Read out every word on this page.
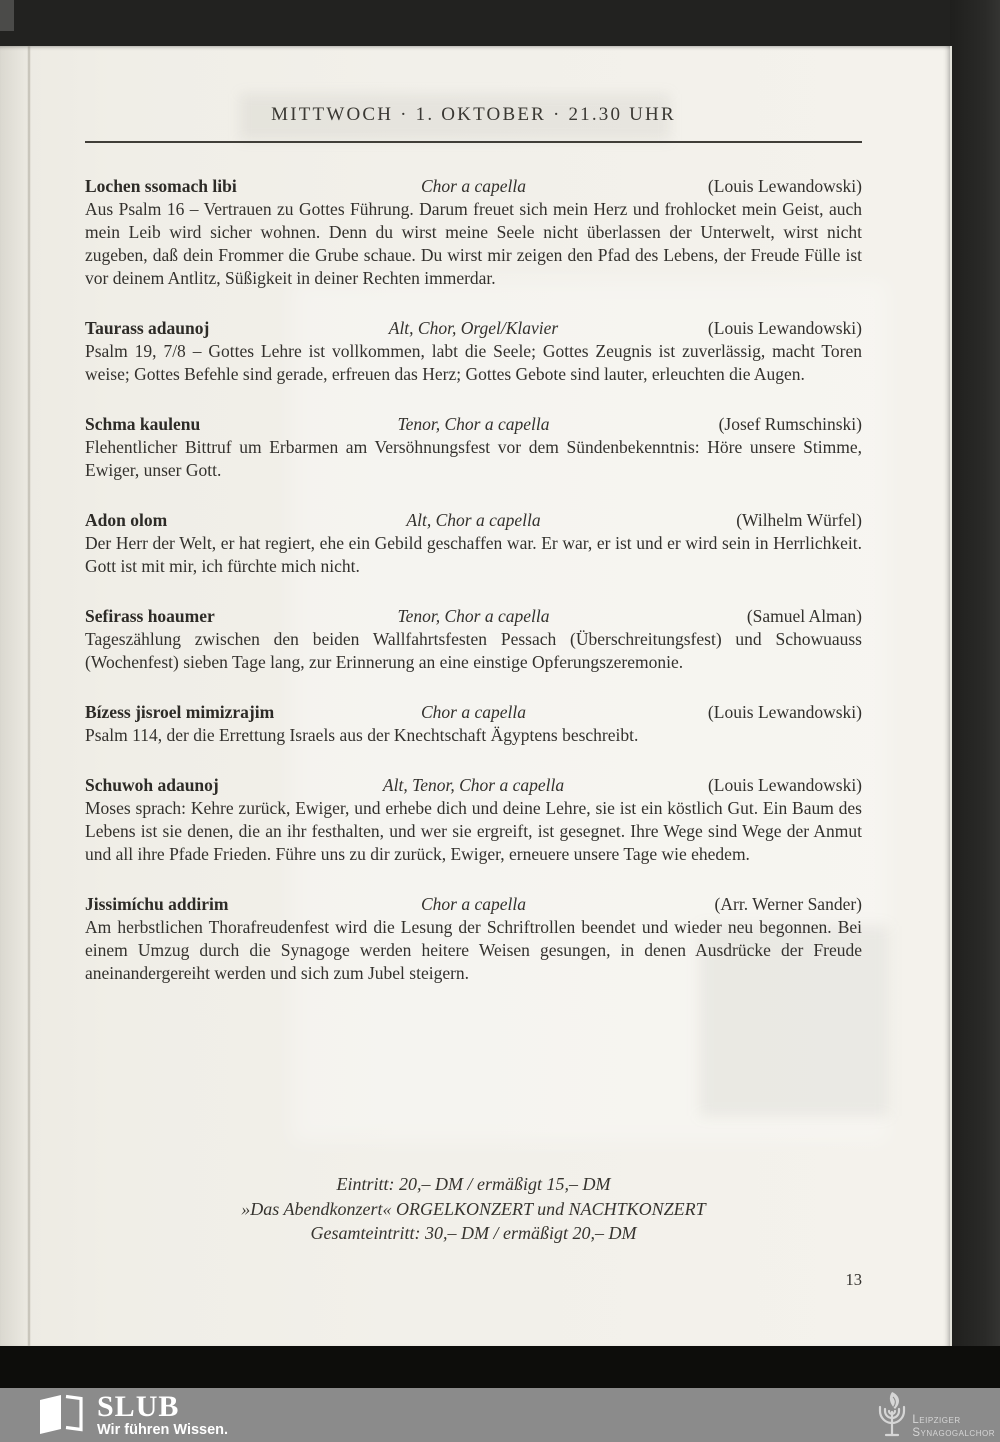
MITTWOCH · 1. OKTOBER · 21.30 UHR
Lochen ssomach libi	Chor a capella	(Louis Lewandowski)

Aus Psalm 16 – Vertrauen zu Gottes Führung. Darum freuet sich mein Herz und frohlocket mein Geist, auch mein Leib wird sicher wohnen. Denn du wirst meine Seele nicht überlassen der Unterwelt, wirst nicht zugeben, daß dein Frommer die Grube schaue. Du wirst mir zeigen den Pfad des Lebens, der Freude Fülle ist vor deinem Antlitz, Süßigkeit in deiner Rechten immerdar.

Taurass adaunoj	Alt, Chor, Orgel/Klavier	(Louis Lewandowski)

Psalm 19, 7/8 – Gottes Lehre ist vollkommen, labt die Seele; Gottes Zeugnis ist zuverlässig, macht Toren weise; Gottes Befehle sind gerade, erfreuen das Herz; Gottes Gebote sind lauter, erleuchten die Augen.

Schma kaulenu	Tenor, Chor a capella	(Josef Rumschinski)

Flehentlicher Bittruf um Erbarmen am Versöhnungsfest vor dem Sündenbekenntnis: Höre unsere Stimme, Ewiger, unser Gott.

Adon olom	Alt, Chor a capella	(Wilhelm Würfel)

Der Herr der Welt, er hat regiert, ehe ein Gebild geschaffen war. Er war, er ist und er wird sein in Herrlichkeit. Gott ist mit mir, ich fürchte mich nicht.

Sefirass hoaumer	Tenor, Chor a capella	(Samuel Alman)

Tageszählung zwischen den beiden Wallfahrtsfesten Pessach (Überschreitungsfest) und Schowuauss (Wochenfest) sieben Tage lang, zur Erinnerung an eine einstige Opferungszeremonie.

Bízess jisroel mimizrajim	Chor a capella	(Louis Lewandowski)

Psalm 114, der die Errettung Israels aus der Knechtschaft Ägyptens beschreibt.

Schuwoh adaunoj	Alt, Tenor, Chor a capella	(Louis Lewandowski)

Moses sprach: Kehre zurück, Ewiger, und erhebe dich und deine Lehre, sie ist ein köstlich Gut. Ein Baum des Lebens ist sie denen, die an ihr festhalten, und wer sie ergreift, ist gesegnet. Ihre Wege sind Wege der Anmut und all ihre Pfade Frieden. Führe uns zu dir zurück, Ewiger, erneuere unsere Tage wie ehedem.

Jissimíchu addirim	Chor a capella	(Arr. Werner Sander)

Am herbstlichen Thorafreudenfest wird die Lesung der Schriftrollen beendet und wieder neu begonnen. Bei einem Umzug durch die Synagoge werden heitere Weisen gesungen, in denen Ausdrücke der Freude aneinandergereiht werden und sich zum Jubel steigern.

Eintritt: 20,– DM / ermäßigt 15,– DM
»Das Abendkonzert« ORGELKONZERT und NACHTKONZERT
Gesamteintritt: 30,– DM / ermäßigt 20,– DM
13
SLUB
Wir führen Wissen.
Leipziger
Synagogalchor
